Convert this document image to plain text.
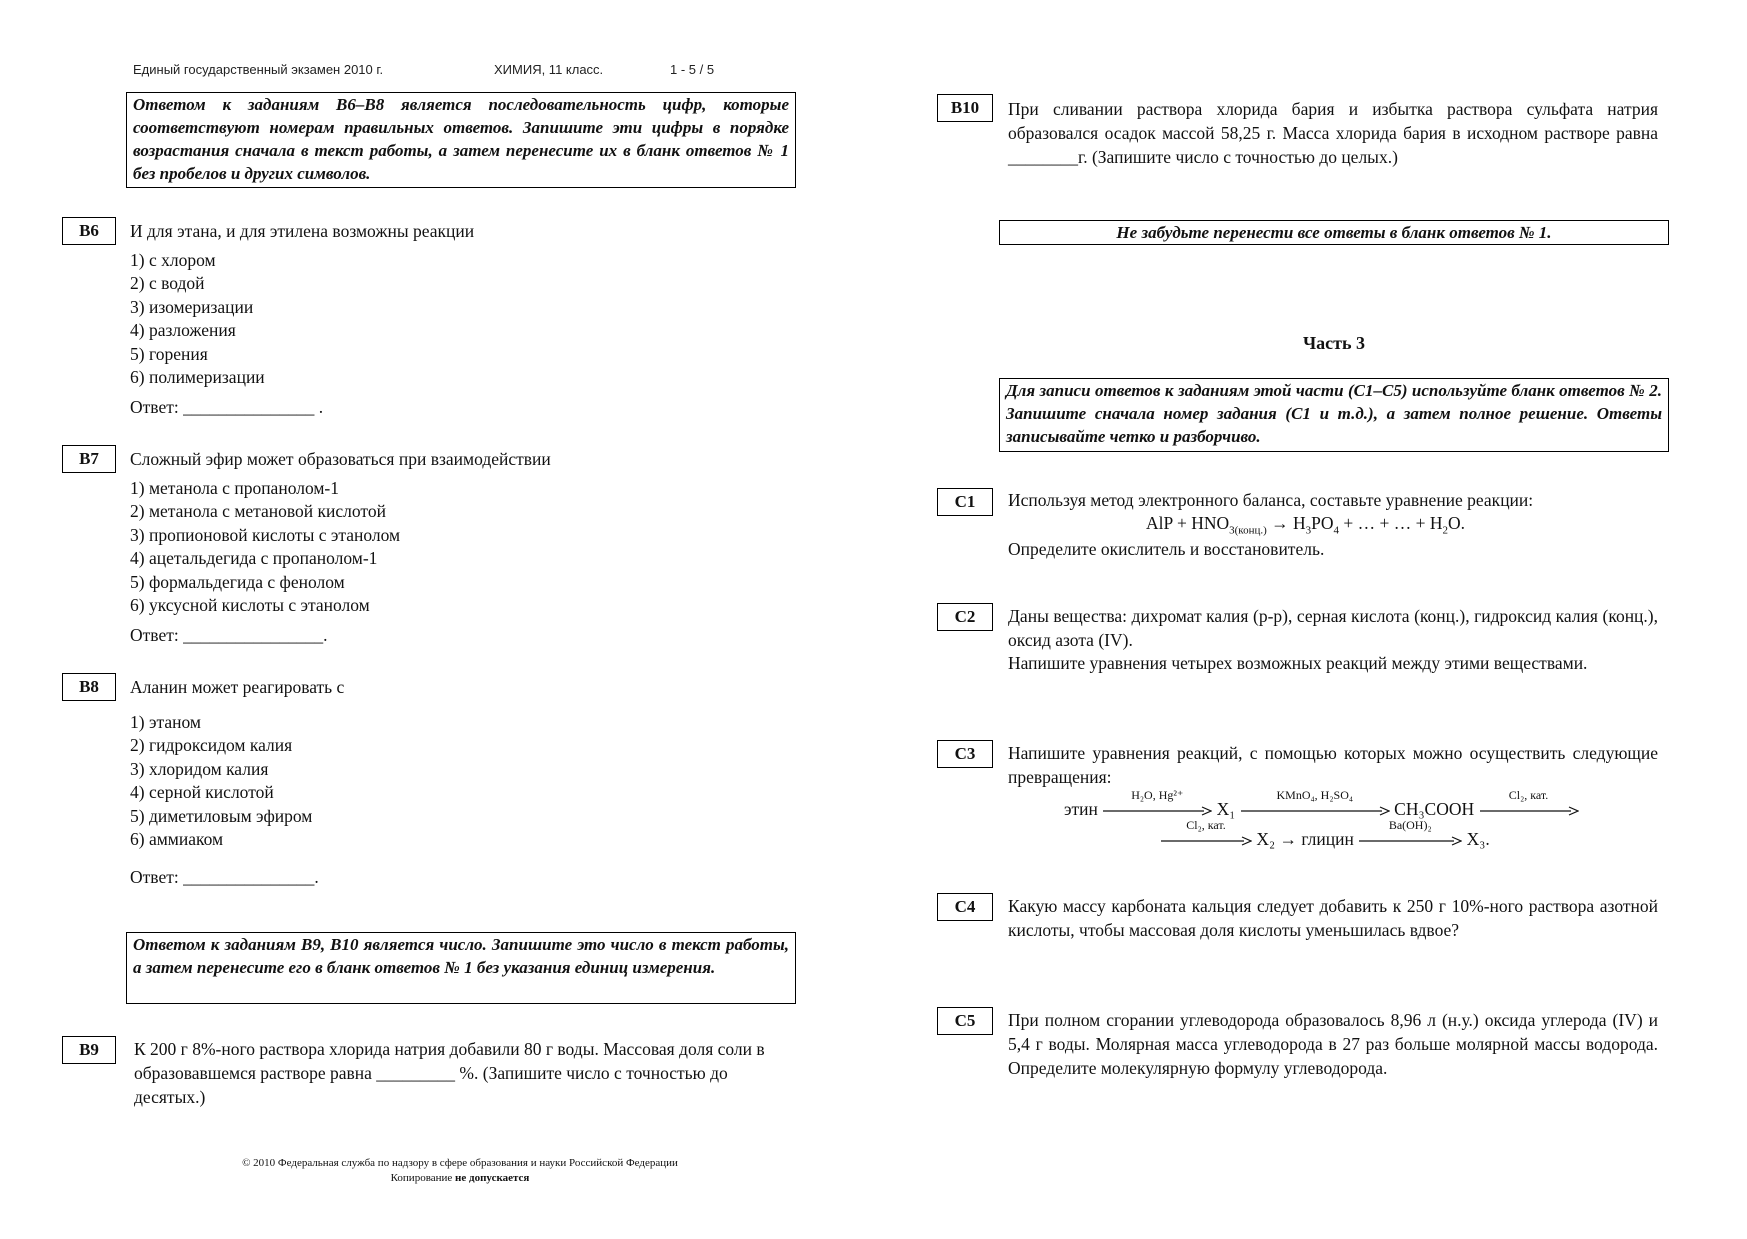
Единый государственный экзамен 2010 г.	ХИМИЯ, 11 класс.	1 - 5 / 5
Ответом к заданиям В6–В8 является последовательность цифр, которые соответствуют номерам правильных ответов. Запишите эти цифры в порядке возрастания сначала в текст работы, а затем перенесите их в бланк ответов № 1 без пробелов и других символов.
B6	И для этана, и для этилена возможны реакции
1) с хлором
2) с водой
3) изомеризации
4) разложения
5) горения
6) полимеризации
Ответ: _______________ .
B7	Сложный эфир может образоваться при взаимодействии
1) метанола с пропанолом-1
2) метанола с метановой кислотой
3) пропионовой кислоты с этанолом
4) ацетальдегида с пропанолом-1
5) формальдегида с фенолом
6) уксусной кислоты с этанолом
Ответ: ________________.
B8	Аланин может реагировать с
1) этаном
2) гидроксидом калия
3) хлоридом калия
4) серной кислотой
5) диметиловым эфиром
6) аммиаком
Ответ: _______________.
Ответом к заданиям В9, В10 является число. Запишите это число в текст работы, а затем перенесите его в бланк ответов № 1 без указания единиц измерения.
B9	К 200 г 8%-ного раствора хлорида натрия добавили 80 г воды. Массовая доля соли в образовавшемся растворе равна _________ %. (Запишите число с точностью до десятых.)
© 2010 Федеральная служба по надзору в сфере образования и науки Российской Федерации
Копирование не допускается
B10	При сливании раствора хлорида бария и избытка раствора сульфата натрия образовался осадок массой 58,25 г. Масса хлорида бария в исходном растворе равна ________г. (Запишите число с точностью до целых.)
Не забудьте перенести все ответы в бланк ответов № 1.
Часть 3
Для записи ответов к заданиям этой части (С1–С5) используйте бланк ответов № 2. Запишите сначала номер задания (С1 и т.д.), а затем полное решение. Ответы записывайте четко и разборчиво.
C1	Используя метод электронного баланса, составьте уравнение реакции:
AlP + $HNO_{3(конц.)} \to H_3PO_4$ + … + … + $H_2O$.
Определите окислитель и восстановитель.
C2	Даны вещества: дихромат калия (р-р), серная кислота (конц.), гидроксид калия (конц.), оксид азота (IV).
Напишите уравнения четырех возможных реакций между этими веществами.
C3	Напишите уравнения реакций, с помощью которых можно осуществить следующие превращения:
этин
H₂O, Hg²⁺
X₁
KMnO₄, H₂SO₄
CH₃COOH
Cl₂, кат.
Cl₂, кат.
X₂ → глицин
Ba(OH)₂
X₃.
C4	Какую массу карбоната кальция следует добавить к 250 г 10%-ного раствора азотной кислоты, чтобы массовая доля кислоты уменьшилась вдвое?
C5	При полном сгорании углеводорода образовалось 8,96 л (н.у.) оксида углерода (IV) и 5,4 г воды. Молярная масса углеводорода в 27 раз больше молярной массы водорода. Определите молекулярную формулу углеводорода.
